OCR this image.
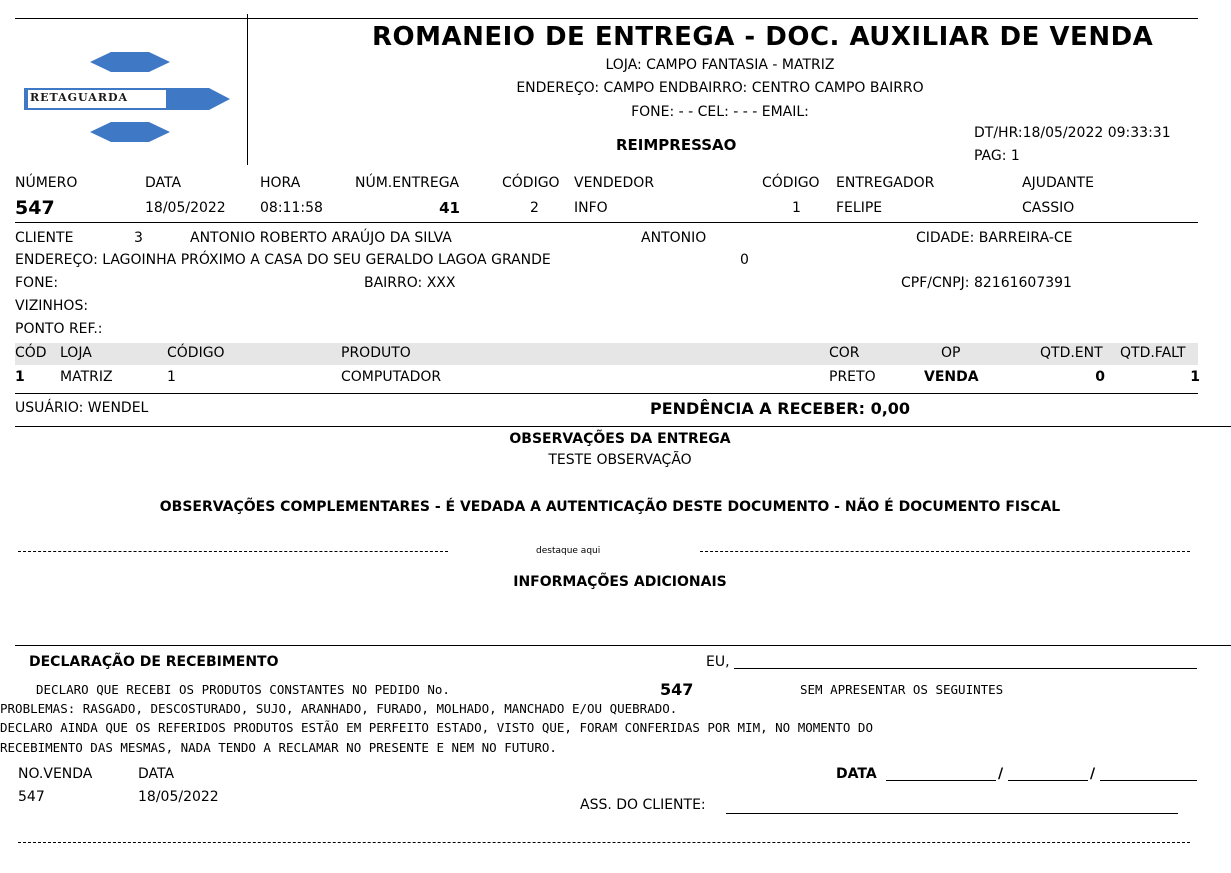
RETAGUARDA
ROMANEIO DE ENTREGA - DOC. AUXILIAR DE VENDA
LOJA: CAMPO FANTASIA - MATRIZ
ENDEREÇO: CAMPO ENDBAIRRO: CENTRO CAMPO BAIRRO
FONE: - - CEL: - - - EMAIL:
REIMPRESSAO
DT/HR:18/05/2022 09:33:31
PAG: 1
NÚMERO	DATA	HORA	NÚM.ENTREGA	CÓDIGO VENDEDOR	CÓDIGO ENTREGADOR	AJUDANTE
547	18/05/2022 08:11:58	41	2	INFO	1	FELIPE	CASSIO
CLIENTE	3	ANTONIO ROBERTO ARAÚJO DA SILVA	ANTONIO	CIDADE: BARREIRA-CE
ENDEREÇO: LAGOINHA PRÓXIMO A CASA DO SEU GERALDO LAGOA GRANDE	0
FONE:	BAIRRO: XXX	CPF/CNPJ: 82161607391
VIZINHOS:
PONTO REF.:
CÓD LOJA	CÓDIGO	PRODUTO	COR	OP	QTD.ENT QTD.FALT
1	MATRIZ	1	COMPUTADOR	PRETO	VENDA	0	1
USUÁRIO: WENDEL	PENDÊNCIA A RECEBER: 0,00
OBSERVAÇÕES DA ENTREGA
TESTE OBSERVAÇÃO
OBSERVAÇÕES COMPLEMENTARES - É VEDADA A AUTENTICAÇÃO DESTE DOCUMENTO - NÃO É DOCUMENTO FISCAL
destaque aqui
INFORMAÇÕES ADICIONAIS
DECLARAÇÃO DE RECEBIMENTO	EU,
DECLARO QUE RECEBI OS PRODUTOS CONSTANTES NO PEDIDO No.	547	SEM APRESENTAR OS SEGUINTES
PROBLEMAS: RASGADO, DESCOSTURADO, SUJO, ARANHADO, FURADO, MOLHADO, MANCHADO E/OU QUEBRADO.
DECLARO AINDA QUE OS REFERIDOS PRODUTOS ESTÃO EM PERFEITO ESTADO, VISTO QUE, FORAM CONFERIDAS POR MIM, NO MOMENTO DO
RECEBIMENTO DAS MESMAS, NADA TENDO A RECLAMAR NO PRESENTE E NEM NO FUTURO.
NO.VENDA	DATA
547	18/05/2022
DATA	/	/
ASS. DO CLIENTE:
